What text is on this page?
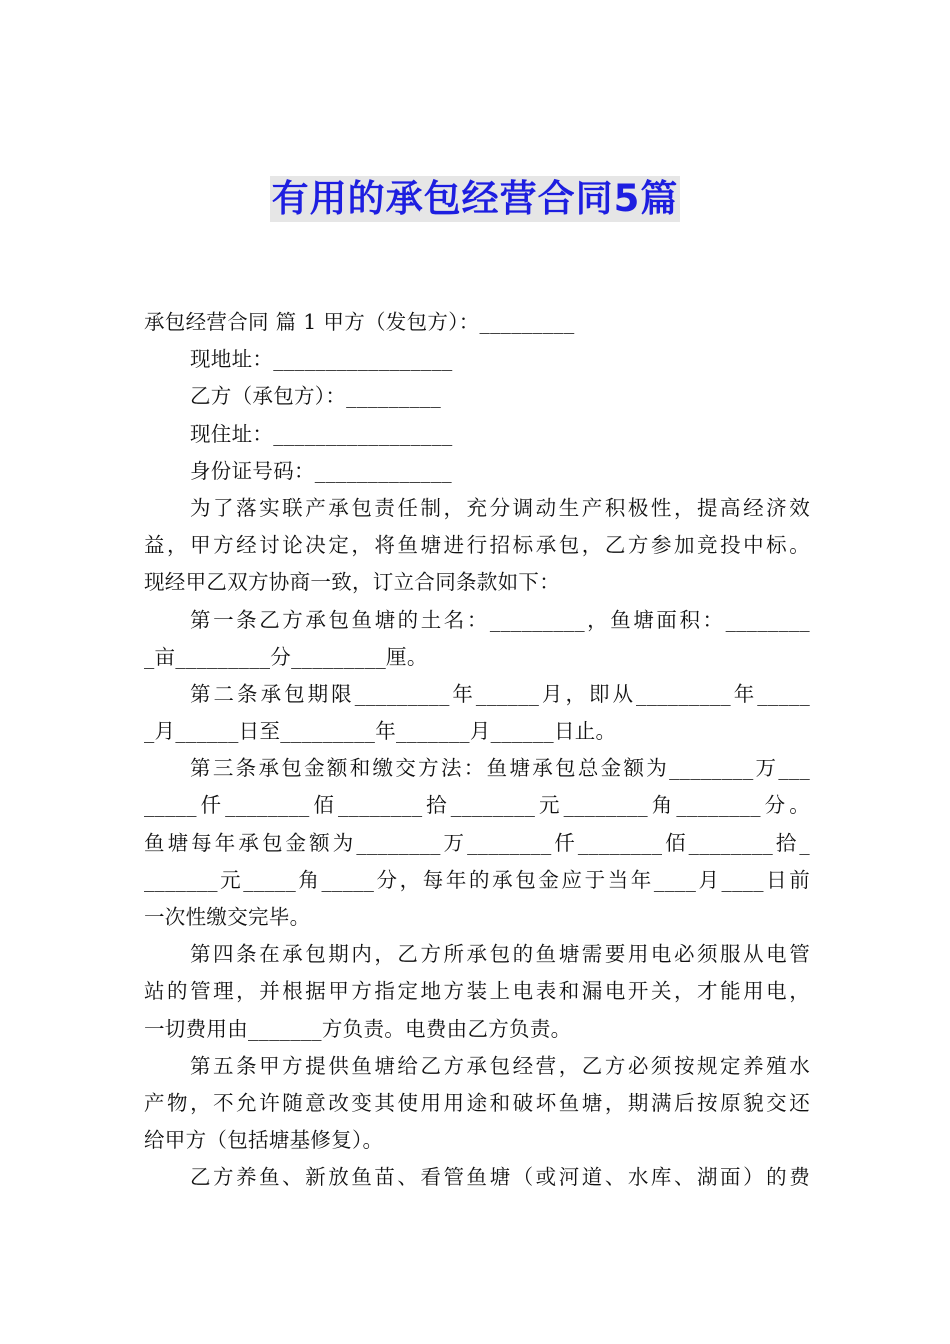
有用的承包经营合同5篇
承包经营合同 篇 1 甲方（发包方）：_________
现地址：_________________
乙方（承包方）：_________
现住址：_________________
身份证号码：_____________
为了落实联产承包责任制，充分调动生产积极性，提高经济效
益，甲方经讨论决定，将鱼塘进行招标承包，乙方参加竞投中标。
现经甲乙双方协商一致，订立合同条款如下：
第一条乙方承包鱼塘的土名：_________，鱼塘面积：________
_亩_________分_________厘。
第二条承包期限_________年______月，即从_________年_____
_月______日至_________年_______月______日止。
第三条承包金额和缴交方法：鱼塘承包总金额为________万___
_____仟________佰________拾________元________角________分。
鱼塘每年承包金额为________万________仟________佰________拾_
_______元_____角_____分，每年的承包金应于当年____月____日前
一次性缴交完毕。
第四条在承包期内，乙方所承包的鱼塘需要用电必须服从电管
站的管理，并根据甲方指定地方装上电表和漏电开关，才能用电，
一切费用由_______方负责。电费由乙方负责。
第五条甲方提供鱼塘给乙方承包经营，乙方必须按规定养殖水
产物，不允许随意改变其使用用途和破坏鱼塘，期满后按原貌交还
给甲方（包括塘基修复）。
乙方养鱼、新放鱼苗、看管鱼塘（或河道、水库、湖面）的费
